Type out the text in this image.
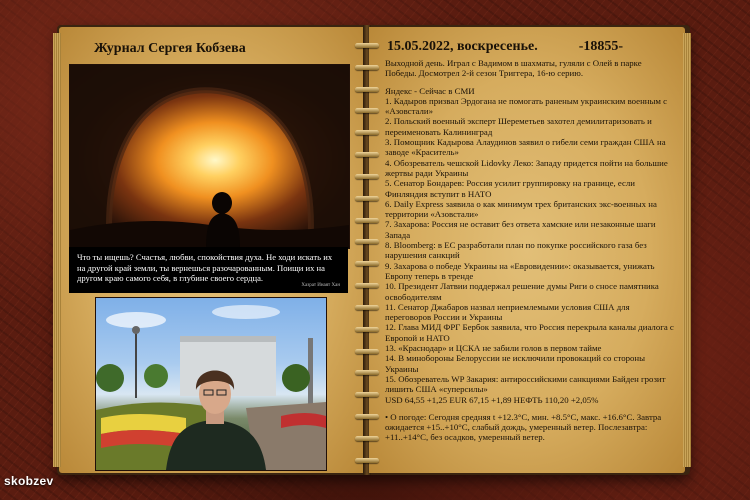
Журнал Сергея Кобзева
Что ты ищешь? Счастья, любви, спокойствия духа. Не ходи искать их на другой край земли, ты вернешься разочарованным. Поищи их на другом краю самого себя, в глубине своего сердца.
Хазрат Инаят Хан
15.05.2022, воскресенье.	-18855-

Выходной день. Играл с Вадимом в шахматы, гуляли с Олей в парке Победы. Досмотрел 2-й сезон Триггера, 16-ю серию.

Яндекс - Сейчас в СМИ

1. Кадыров призвал Эрдогана не помогать раненым украинским военным с «Азовстали»
2. Польский военный эксперт Шереметьев захотел демилитаризовать и переименовать Калининград
3. Помощник Кадырова Алаудинов заявил о гибели семи граждан США на заводе «Краситель»
4. Обозреватель чешской Lidovky Леко: Западу придется пойти на большие жертвы ради Украины
5. Сенатор Бондарев: Россия усилит группировку на границе, если Финляндия вступит в НАТО
6. Daily Express заявила о как минимум трех британских экс-военных на территории «Азовстали»
7. Захарова: Россия не оставит без ответа хамские или незаконные шаги Запада
8. Bloomberg: в ЕС разработали план по покупке российского газа без нарушения санкций
9. Захарова о победе Украины на «Евровидении»: оказывается, унижать Европу теперь в тренде
10. Президент Латвии поддержал решение думы Риги о сносе памятника освободителям
11. Сенатор Джабаров назвал неприемлемыми условия США для переговоров России и Украины
12. Глава МИД ФРГ Бербок заявила, что Россия перекрыла каналы диалога с Европой и НАТО
13. «Краснодар» и ЦСКА не забили голов в первом тайме
14. В минобороны Белоруссии не исключили провокаций со стороны Украины
15. Обозреватель WP Закария: антироссийскими санкциями Байден грозит лишить США «суперсилы»

USD 64,55 +1,25 EUR 67,15 +1,89 НЕФТЬ 110,20 +2,05%

• О погоде: Сегодня средняя t +12.3°C, мин. +8.5°C, макс. +16.6°C. Завтра ожидается +15..+10°C, слабый дождь, умеренный ветер. Послезавтра: +11..+14°C, без осадков, умеренный ветер.

skobzev
